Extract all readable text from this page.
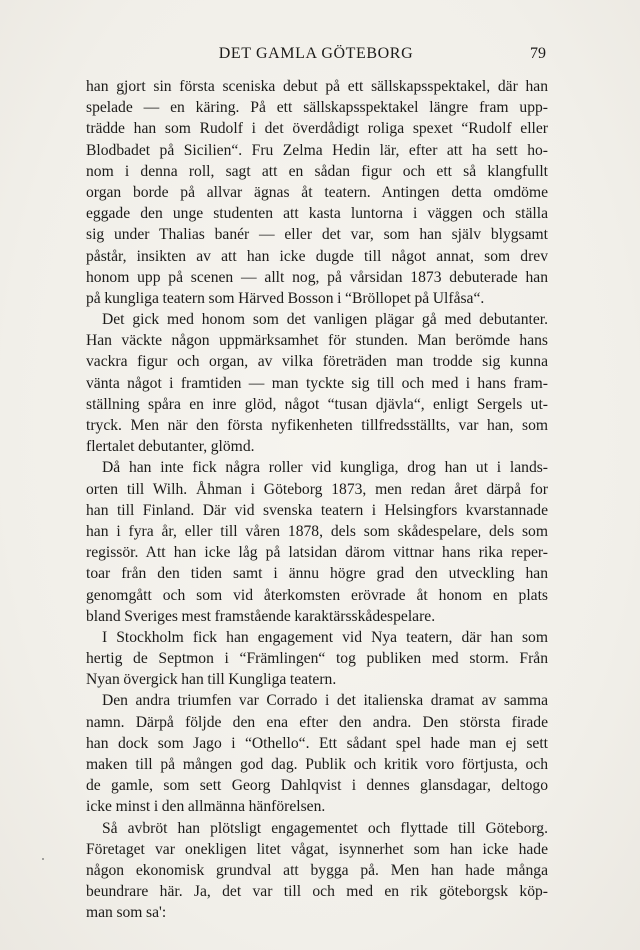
DET GAMLA GÖTEBORG	79
han gjort sin första sceniska debut på ett sällskapsspektakel, där han
spelade — en käring. På ett sällskapsspektakel längre fram upp-
trädde han som Rudolf i det överdådigt roliga spexet “Rudolf eller
Blodbadet på Sicilien“. Fru Zelma Hedin lär, efter att ha sett ho-
nom i denna roll, sagt att en sådan figur och ett så klangfullt
organ borde på allvar ägnas åt teatern. Antingen detta omdöme
eggade den unge studenten att kasta luntorna i väggen och ställa
sig under Thalias banér — eller det var, som han själv blygsamt
påstår, insikten av att han icke dugde till något annat, som drev
honom upp på scenen — allt nog, på vårsidan 1873 debuterade han
på kungliga teatern som Härved Bosson i “Bröllopet på Ulfåsa“.
Det gick med honom som det vanligen plägar gå med debutanter.
Han väckte någon uppmärksamhet för stunden. Man berömde hans
vackra figur och organ, av vilka företräden man trodde sig kunna
vänta något i framtiden — man tyckte sig till och med i hans fram-
ställning spåra en inre glöd, något “tusan djävla“, enligt Sergels ut-
tryck. Men när den första nyfikenheten tillfredsställts, var han, som
flertalet debutanter, glömd.
Då han inte fick några roller vid kungliga, drog han ut i lands-
orten till Wilh. Åhman i Göteborg 1873, men redan året därpå for
han till Finland. Där vid svenska teatern i Helsingfors kvarstannade
han i fyra år, eller till våren 1878, dels som skådespelare, dels som
regissör. Att han icke låg på latsidan därom vittnar hans rika reper-
toar från den tiden samt i ännu högre grad den utveckling han
genomgått och som vid återkomsten erövrade åt honom en plats
bland Sveriges mest framstående karaktärsskådespelare.
I Stockholm fick han engagement vid Nya teatern, där han som
hertig de Septmon i “Främlingen“ tog publiken med storm. Från
Nyan övergick han till Kungliga teatern.
Den andra triumfen var Corrado i det italienska dramat av samma
namn. Därpå följde den ena efter den andra. Den största firade
han dock som Jago i “Othello“. Ett sådant spel hade man ej sett
maken till på mången god dag. Publik och kritik voro förtjusta, och
de gamle, som sett Georg Dahlqvist i dennes glansdagar, deltogo
icke minst i den allmänna hänförelsen.
Så avbröt han plötsligt engagementet och flyttade till Göteborg.
Företaget var onekligen litet vågat, isynnerhet som han icke hade
någon ekonomisk grundval att bygga på. Men han hade många
beundrare här. Ja, det var till och med en rik göteborgsk köp-
man som sa':
